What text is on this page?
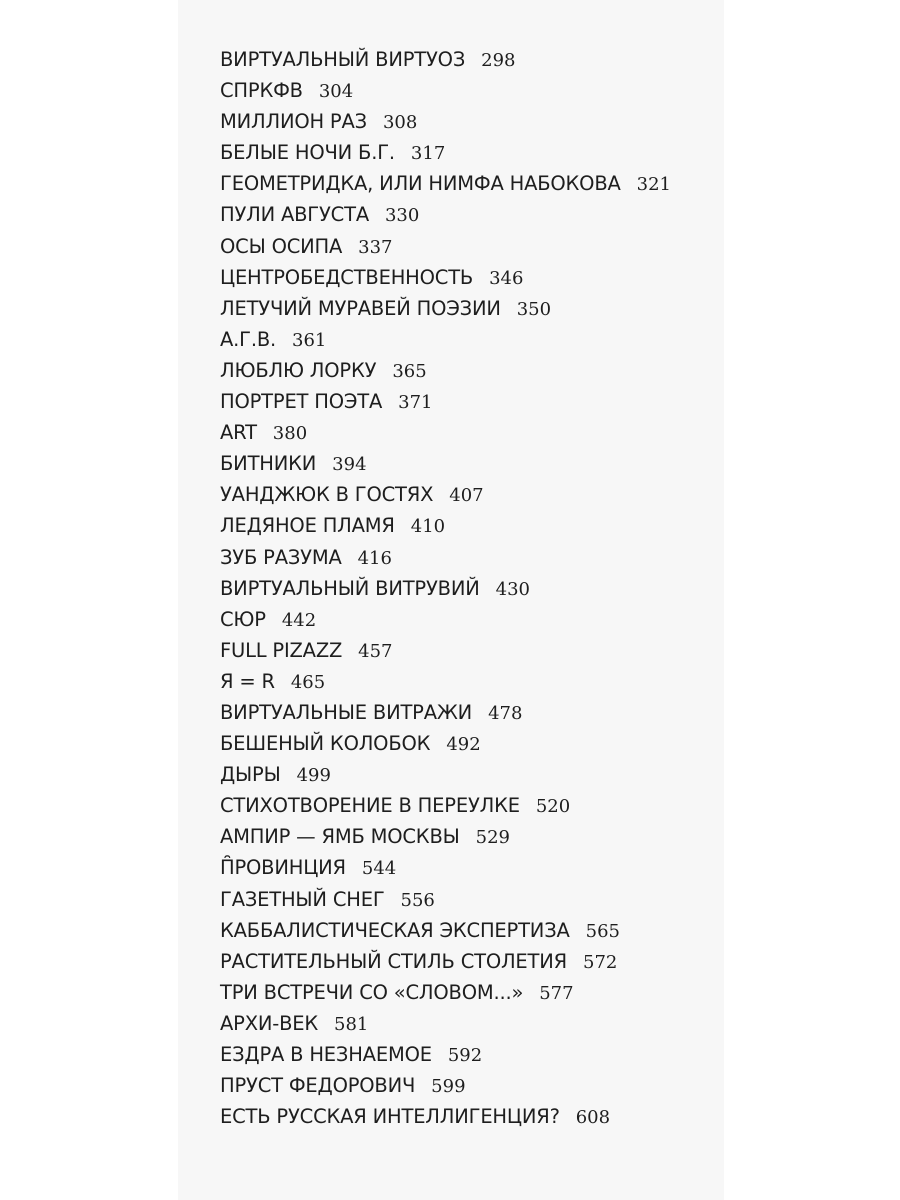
ВИРТУАЛЬНЫЙ ВИРТУОЗ 298
СПРКФВ 304
МИЛЛИОН РАЗ 308
БЕЛЫЕ НОЧИ Б.Г. 317
ГЕОМЕТРИДКА, ИЛИ НИМФА НАБОКОВА 321
ПУЛИ АВГУСТА 330
ОСЫ ОСИПА 337
ЦЕНТРОБЕДСТВЕННОСТЬ 346
ЛЕТУЧИЙ МУРАВЕЙ ПОЭЗИИ 350
А.Г.В. 361
ЛЮБЛЮ ЛОРКУ 365
ПОРТРЕТ ПОЭТА 371
ART 380
БИТНИКИ 394
УАНДЖЮК В ГОСТЯХ 407
ЛЕДЯНОЕ ПЛАМЯ 410
ЗУБ РАЗУМА 416
ВИРТУАЛЬНЫЙ ВИТРУВИЙ 430
СЮР 442
FULL PIZAZZ 457
Я = R 465
ВИРТУАЛЬНЫЕ ВИТРАЖИ 478
БЕШЕНЫЙ КОЛОБОК 492
ДЫРЫ 499
СТИХОТВОРЕНИЕ В ПЕРЕУЛКЕ 520
АМПИР — ЯМБ МОСКВЫ 529
П̑РОВИНЦИЯ 544
ГАЗЕТНЫЙ СНЕГ 556
КАББАЛИСТИЧЕСКАЯ ЭКСПЕРТИЗА 565
РАСТИТЕЛЬНЫЙ СТИЛЬ СТОЛЕТИЯ 572
ТРИ ВСТРЕЧИ СО «СЛОВОМ...» 577
АРХИ-ВЕК 581
ЕЗДРА В НЕЗНАЕМОЕ 592
ПРУСТ ФЕДОРОВИЧ 599
ЕСТЬ РУССКАЯ ИНТЕЛЛИГЕНЦИЯ? 608
